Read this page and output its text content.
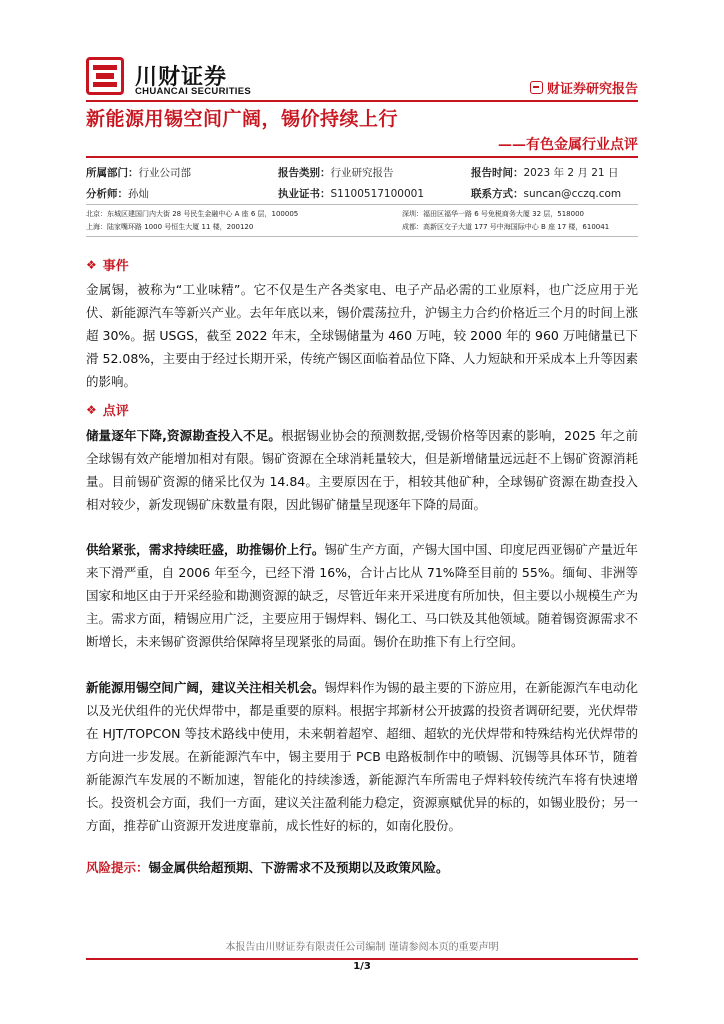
川财证券
CHUANCAI SECURITIES	财证券研究报告
新能源用锡空间广阔，锡价持续上行
——有色金属行业点评
所属部门：行业公司部	报告类别：行业研究报告	报告时间：2023 年 2 月 21 日
分析师：孙灿	执业证书：S1100517100001	联系方式：suncan@cczq.com
北京：东城区建国门内大街 28 号民生金融中心 A 座 6 层，100005	深圳：福田区福华一路 6 号免税商务大厦 32 层，518000
上海：陆家嘴环路 1000 号恒生大厦 11 楼，200120	成都：高新区交子大道 177 号中海国际中心 B 座 17 楼，610041
❖ 事件
金属锡，被称为“工业味精”。它不仅是生产各类家电、电子产品必需的工业原料，也广泛应用于光伏、新能源汽车等新兴产业。去年年底以来，锡价震荡拉升，沪锡主力合约价格近三个月的时间上涨超 30%。据 USGS，截至 2022 年末，全球锡储量为 460 万吨，较 2000 年的 960 万吨储量已下滑 52.08%，主要由于经过长期开采，传统产锡区面临着品位下降、人力短缺和开采成本上升等因素的影响。
❖ 点评
储量逐年下降,资源勘查投入不足。根据锡业协会的预测数据,受锡价格等因素的影响，2025 年之前全球锡有效产能增加相对有限。锡矿资源在全球消耗量较大，但是新增储量远远赶不上锡矿资源消耗量。目前锡矿资源的储采比仅为 14.84。主要原因在于，相较其他矿种，全球锡矿资源在勘查投入相对较少，新发现锡矿床数量有限，因此锡矿储量呈现逐年下降的局面。
供给紧张，需求持续旺盛，助推锡价上行。锡矿生产方面，产锡大国中国、印度尼西亚锡矿产量近年来下滑严重，自 2006 年至今，已经下滑 16%，合计占比从 71%降至目前的 55%。缅甸、非洲等国家和地区由于开采经验和勘测资源的缺乏，尽管近年来开采进度有所加快，但主要以小规模生产为主。需求方面，精锡应用广泛，主要应用于锡焊料、锡化工、马口铁及其他领域。随着锡资源需求不断增长，未来锡矿资源供给保障将呈现紧张的局面。锡价在助推下有上行空间。
新能源用锡空间广阔，建议关注相关机会。锡焊料作为锡的最主要的下游应用，在新能源汽车电动化以及光伏组件的光伏焊带中，都是重要的原料。根据宇邦新材公开披露的投资者调研纪要，光伏焊带在 HJT/TOPCON 等技术路线中使用，未来朝着超窄、超细、超软的光伏焊带和特殊结构光伏焊带的方向进一步发展。在新能源汽车中，锡主要用于 PCB 电路板制作中的喷锡、沉锡等具体环节，随着新能源汽车发展的不断加速，智能化的持续渗透，新能源汽车所需电子焊料较传统汽车将有快速增长。投资机会方面，我们一方面，建议关注盈利能力稳定，资源禀赋优异的标的，如锡业股份；另一方面，推荐矿山资源开发进度靠前，成长性好的标的，如南化股份。
风险提示：锡金属供给超预期、下游需求不及预期以及政策风险。
本报告由川财证券有限责任公司编制 谨请参阅本页的重要声明
1/3
